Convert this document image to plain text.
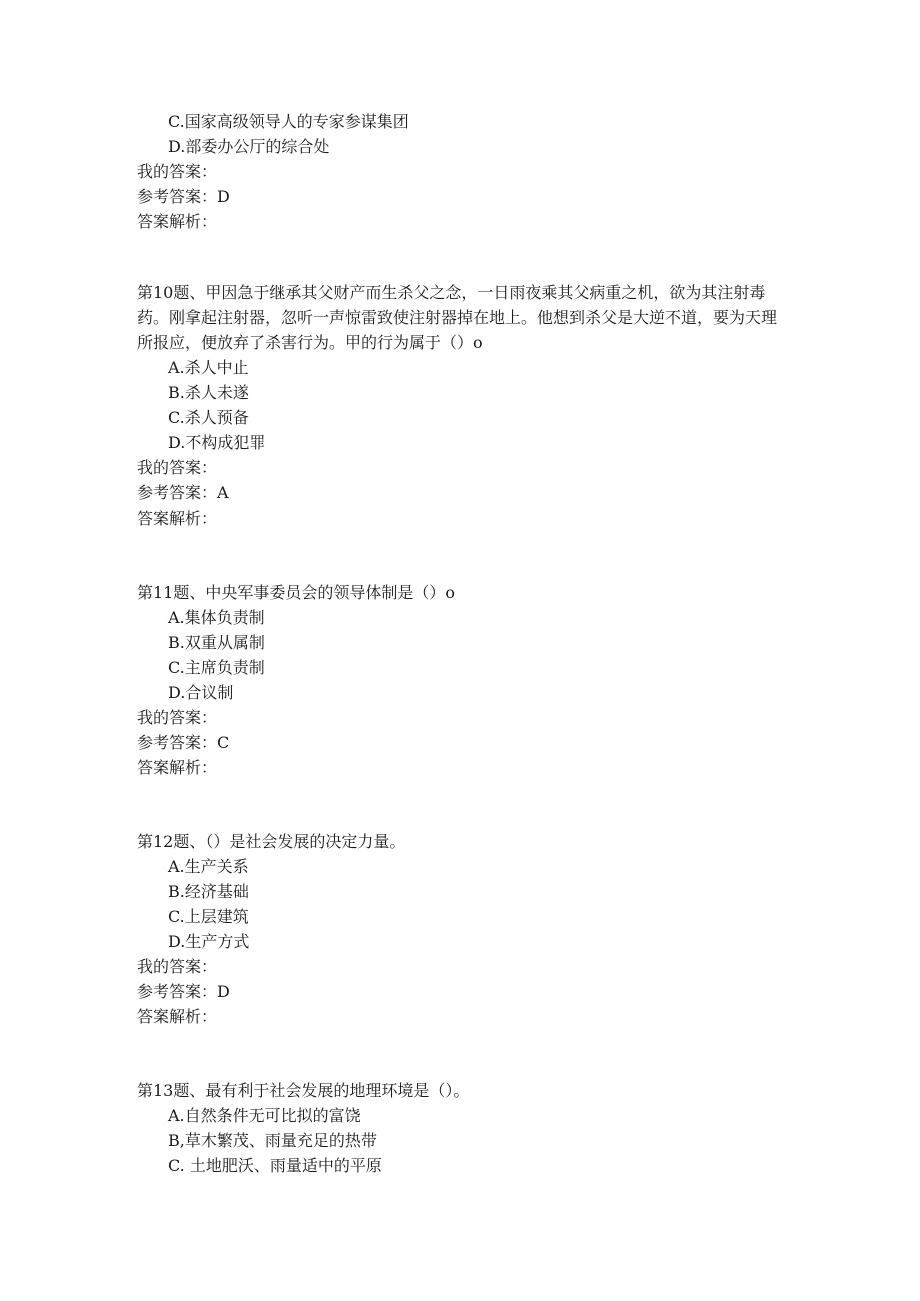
C.国家高级领导人的专家参谋集团
D.部委办公厅的综合处
我的答案：
参考答案：D
答案解析：
第10题、甲因急于继承其父财产而生杀父之念，一日雨夜乘其父病重之机，欲为其注射毒药。刚拿起注射器，忽听一声惊雷致使注射器掉在地上。他想到杀父是大逆不道，要为天理所报应，便放弃了杀害行为。甲的行为属于（）o
A.杀人中止
B.杀人未遂
C.杀人预备
D.不构成犯罪
我的答案：
参考答案：A
答案解析：
第11题、中央军事委员会的领导体制是（）o
A.集体负责制
B.双重从属制
C.主席负责制
D.合议制
我的答案：
参考答案：C
答案解析：
第12题、（）是社会发展的决定力量。
A.生产关系
B.经济基础
C.上层建筑
D.生产方式
我的答案：
参考答案：D
答案解析：
第13题、最有利于社会发展的地理环境是（）。
A.自然条件无可比拟的富饶
B,草木繁茂、雨量充足的热带
C. 土地肥沃、雨量适中的平原
